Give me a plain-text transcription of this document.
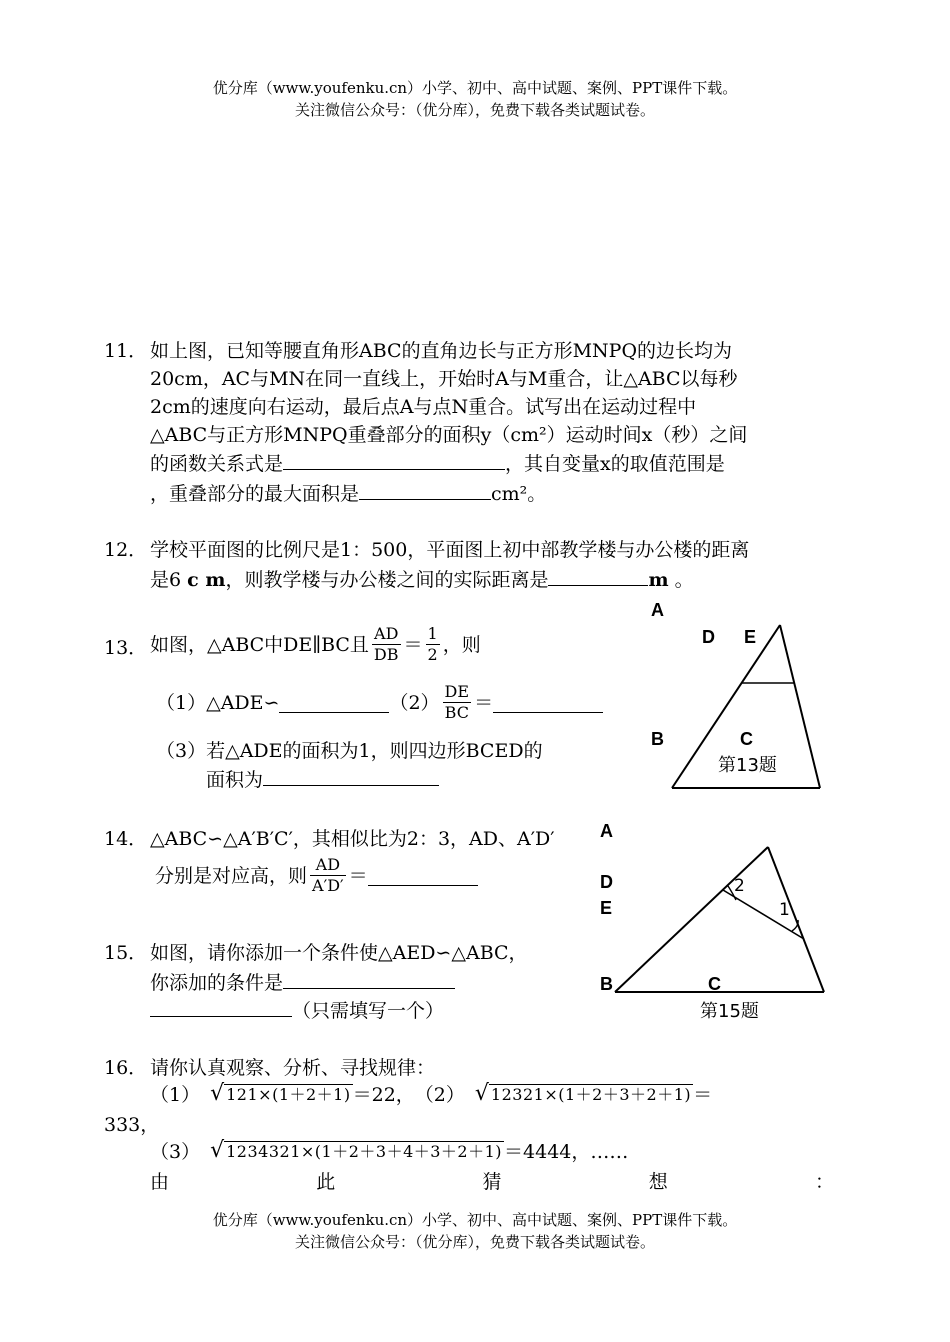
优分库（www.youfenku.cn）小学、初中、高中试题、案例、PPT课件下载。
关注微信公众号：（优分库），免费下载各类试题试卷。
11． 如上图，已知等腰直角形ABC的直角边长与正方形MNPQ的边长均为
20cm，AC与MN在同一直线上，开始时A与M重合，让△ABC以每秒
2cm的速度向右运动，最后点A与点N重合。试写出在运动过程中
△ABC与正方形MNPQ重叠部分的面积y（cm²）运动时间x（秒）之间
的函数关系式是	，其自变量x的取值范围是
，重叠部分的最大面积是	cm²。
12． 学校平面图的比例尺是1：500，平面图上初中部教学楼与办公楼的距离
是6 c m，则教学楼与办公楼之间的实际距离是	m 。
13． 如图，△ABC中DE∥BC且 $\frac{AD}{DB} = \frac{1}{2}$ ，则
（1）△ADE∽	$(2) \frac{DE}{BC}$ ＝
（3）若△ADE的面积为1，则四边形BCED的
面积为
A
D E
B	C
第13题
14． △ABC∽△A′B′C′，其相似比为2：3，AD、A′D′
分别是对应高，则 $\frac{AD}{A'D'}$ ＝
15． 如图，请你添加一个条件使△AED∽△ABC，
你添加的条件是
（只需填写一个）
A
D
E
B	C
2
1
第15题
16． 请你认真观察、分析、寻找规律：
（1） √ 121×(1＋2＋1) ＝22， （2） √ 12321×(1＋2＋3＋2＋1) ＝
333，
（3） √ 1234321×(1＋2＋3＋4＋3＋2＋1) ＝4444，……
由	此	猜	想	：
优分库（www.youfenku.cn）小学、初中、高中试题、案例、PPT课件下载。
关注微信公众号：（优分库），免费下载各类试题试卷。
